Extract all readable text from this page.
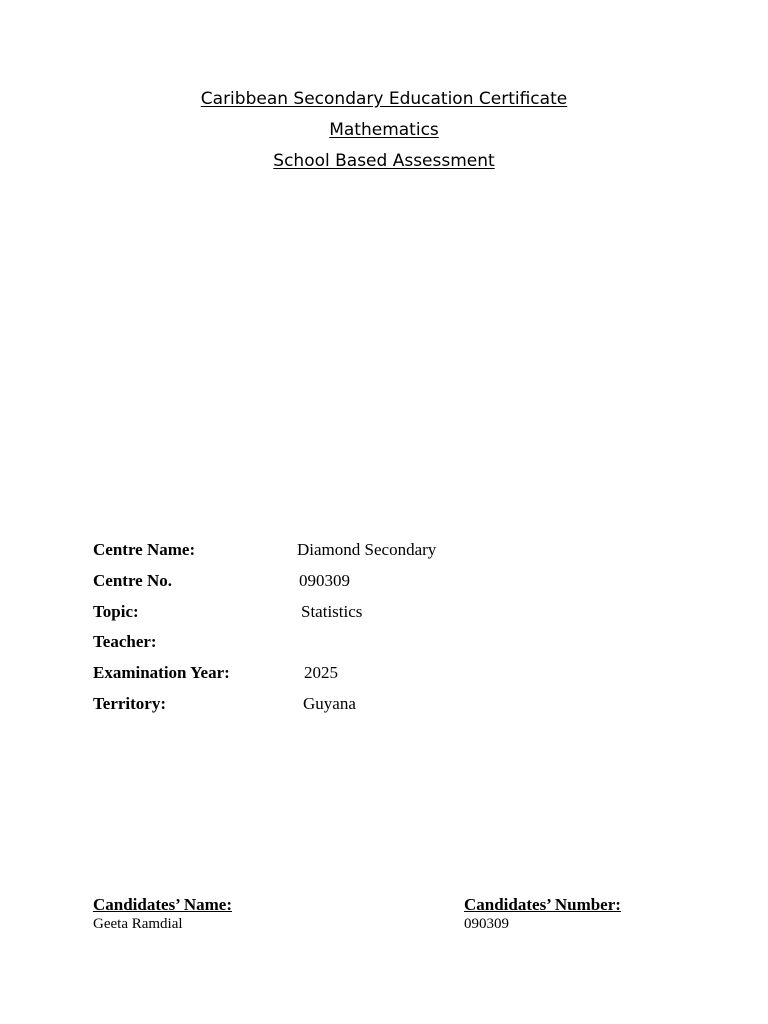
Caribbean Secondary Education Certificate
Mathematics
School Based Assessment
Centre Name:	Diamond Secondary
Centre No.	090309
Topic:	Statistics
Teacher:
Examination Year:	2025
Territory:	Guyana
Candidates’ Name:
Geeta Ramdial
Candidates’ Number:
090309
